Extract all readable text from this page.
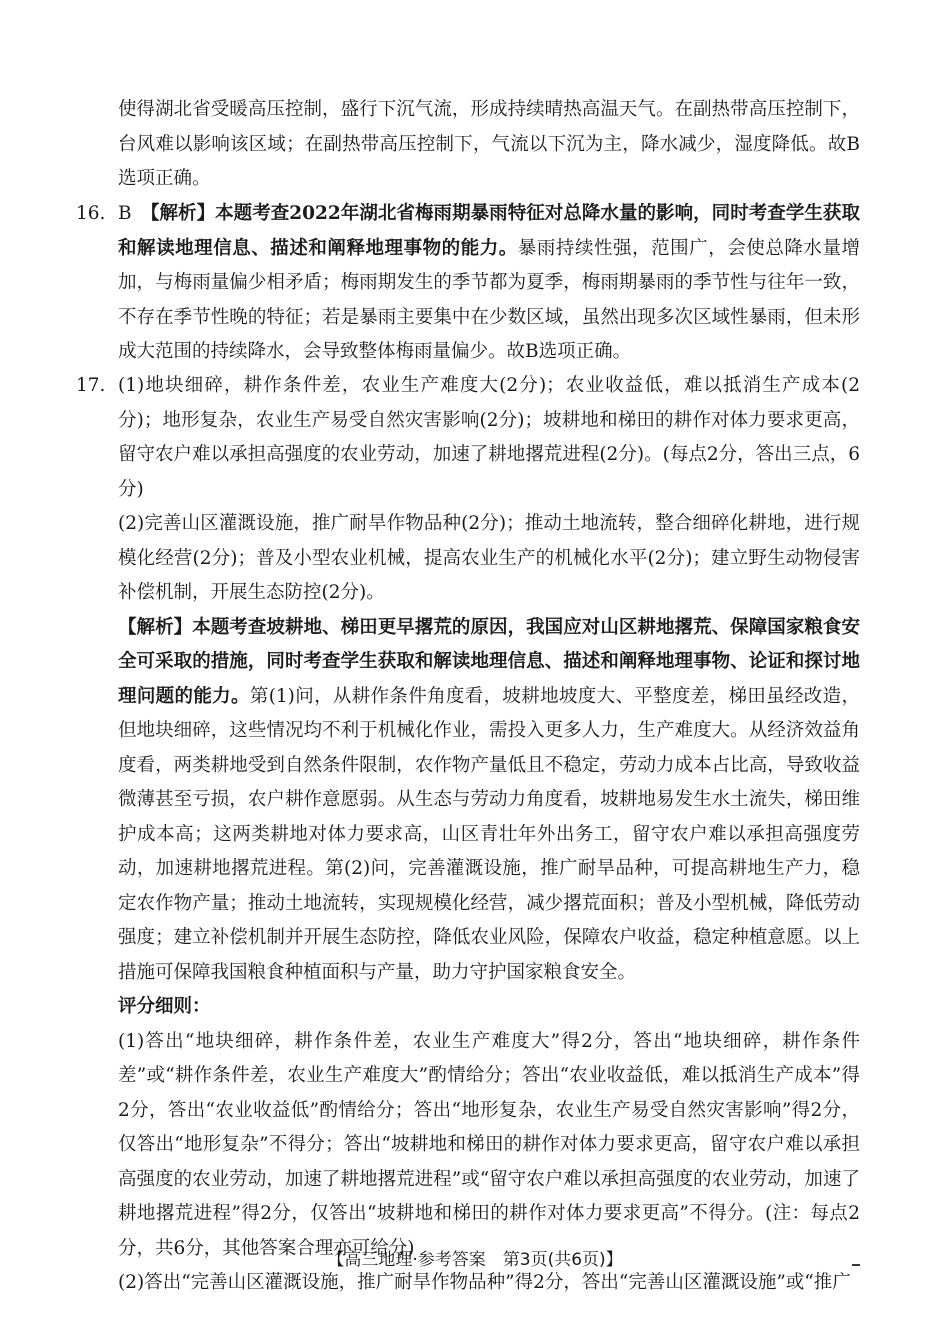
使得湖北省受暖高压控制，盛行下沉气流，形成持续晴热高温天气。在副热带高压控制下，台风难以影响该区域；在副热带高压控制下，气流以下沉为主，降水减少，湿度降低。故B选项正确。

16. B　 【解析】本题考查2022年湖北省梅雨期暴雨特征对总降水量的影响，同时考查学生获取和解读地理信息、描述和阐释地理事物的能力。暴雨持续性强，范围广，会使总降水量增加，与梅雨量偏少相矛盾；梅雨期发生的季节都为夏季，梅雨期暴雨的季节性与往年一致，不存在季节性晚的特征；若是暴雨主要集中在少数区域，虽然出现多次区域性暴雨，但未形成大范围的持续降水，会导致整体梅雨量偏少。故B选项正确。

17. (1)地块细碎，耕作条件差，农业生产难度大(2分)；农业收益低，难以抵消生产成本(2分)；地形复杂，农业生产易受自然灾害影响(2分)；坡耕地和梯田的耕作对体力要求更高，留守农户难以承担高强度的农业劳动，加速了耕地撂荒进程(2分)。(每点2分，答出三点，6分)

(2)完善山区灌溉设施，推广耐旱作物品种(2分)；推动土地流转，整合细碎化耕地，进行规模化经营(2分)；普及小型农业机械，提高农业生产的机械化水平(2分)；建立野生动物侵害补偿机制，开展生态防控(2分)。

【解析】本题考查坡耕地、梯田更早撂荒的原因，我国应对山区耕地撂荒、保障国家粮食安全可采取的措施，同时考查学生获取和解读地理信息、描述和阐释地理事物、论证和探讨地理问题的能力。第(1)问，从耕作条件角度看，坡耕地坡度大、平整度差，梯田虽经改造，但地块细碎，这些情况均不利于机械化作业，需投入更多人力，生产难度大。从经济效益角度看，两类耕地受到自然条件限制，农作物产量低且不稳定，劳动力成本占比高，导致收益微薄甚至亏损，农户耕作意愿弱。从生态与劳动力角度看，坡耕地易发生水土流失，梯田维护成本高；这两类耕地对体力要求高，山区青壮年外出务工，留守农户难以承担高强度劳动，加速耕地撂荒进程。第(2)问，完善灌溉设施，推广耐旱品种，可提高耕地生产力，稳定农作物产量；推动土地流转，实现规模化经营，减少撂荒面积；普及小型机械，降低劳动强度；建立补偿机制并开展生态防控，降低农业风险，保障农户收益，稳定种植意愿。以上措施可保障我国粮食种植面积与产量，助力守护国家粮食安全。

评分细则：

(1)答出“地块细碎，耕作条件差，农业生产难度大”得2分，答出“地块细碎，耕作条件差”或“耕作条件差，农业生产难度大”酌情给分；答出“农业收益低，难以抵消生产成本”得2分，答出“农业收益低”酌情给分；答出“地形复杂，农业生产易受自然灾害影响”得2分，仅答出“地形复杂”不得分；答出“坡耕地和梯田的耕作对体力要求更高，留守农户难以承担高强度的农业劳动，加速了耕地撂荒进程”或“留守农户难以承担高强度的农业劳动，加速了耕地撂荒进程”得2分，仅答出“坡耕地和梯田的耕作对体力要求更高”不得分。(注：每点2分，共6分，其他答案合理亦可给分)

(2)答出“完善山区灌溉设施，推广耐旱作物品种”得2分，答出“完善山区灌溉设施”或“推广

【高三地理·参考答案　第3页(共6页)】
